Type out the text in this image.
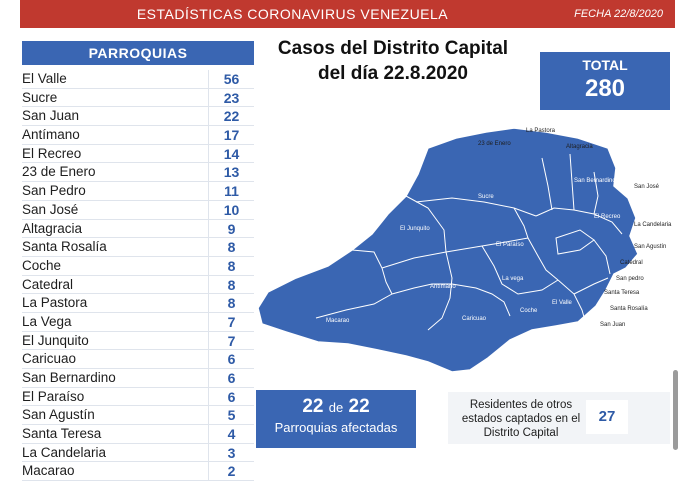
ESTADÍSTICAS CORONAVIRUS VENEZUELA	FECHA 22/8/2020
PARROQUIAS
El Valle	56
Sucre	23
San Juan	22
Antímano	17
El Recreo	14
23 de Enero	13
San Pedro	11
San José	10
Altagracia	9
Santa Rosalía	8
Coche	8
Catedral	8
La Pastora	8
La Vega	7
El Junquito	7
Caricuao	6
San Bernardino	6
El Paraíso	6
San Agustín	5
Santa Teresa	4
La Candelaria	3
Macarao	2
Casos del Distrito Capital
del día 22.8.2020	TOTAL
280
La Pastora
23 de Enero	Altagracia
San Bernardino
San José
El Recreo
La Candelaria
San Agustín
Catedral
San pedro
Santa Teresa
Santa Rosalía
San Juan
El Valle
Coche
Caricuao
Macarao
Antímano
La vega
El Paraíso
El Junquito
Sucre
22 de 22
Parroquias afectadas
Residentes de otros estados captados en el Distrito Capital
27
